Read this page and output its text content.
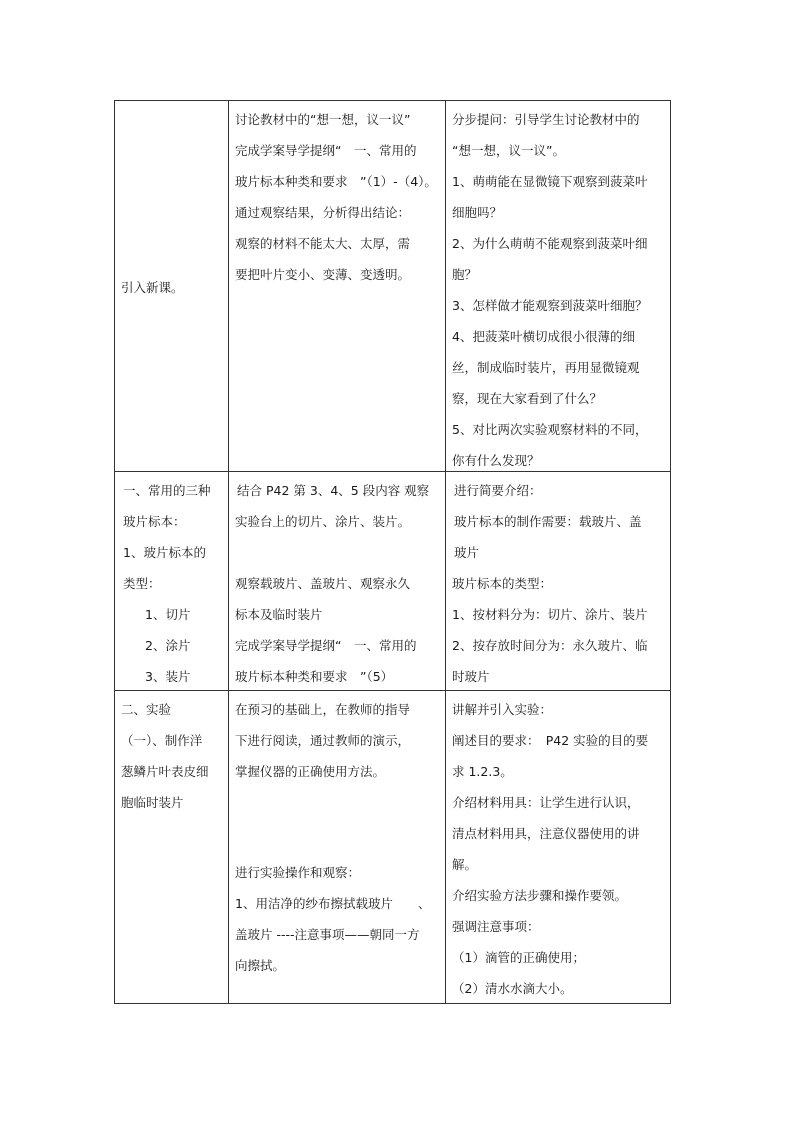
引入新课。
讨论教材中的“想一想，议一议”
完成学案导学提纲“　一、常用的
玻片标本种类和要求　”（1）-（4）。
通过观察结果，分析得出结论：
观察的材料不能太大、太厚，需
要把叶片变小、变薄、变透明。
分步提问：引导学生讨论教材中的
“想一想，议一议”。
1、萌萌能在显微镜下观察到菠菜叶
细胞吗？
2、为什么萌萌不能观察到菠菜叶细
胞？
3、怎样做才能观察到菠菜叶细胞？
4、把菠菜叶横切成很小很薄的细
丝，制成临时装片，再用显微镜观
察，现在大家看到了什么？
5、对比两次实验观察材料的不同，
你有什么发现？
一、常用的三种
玻片标本：
1、玻片标本的
类型：
1、切片
2、涂片
3、装片
结合 P42 第 3、4、5 段内容 观察
实验台上的切片、涂片、装片。

观察载玻片、盖玻片、观察永久
标本及临时装片
完成学案导学提纲“　一、常用的
玻片标本种类和要求　”（5）
进行简要介绍：
玻片标本的制作需要：载玻片、盖
玻片
玻片标本的类型：
1、按材料分为：切片、涂片、装片
2、按存放时间分为：永久玻片、临
时玻片
二、实验
（一）、制作洋
葱鳞片叶表皮细
胞临时装片
在预习的基础上，在教师的指导
下进行阅读，通过教师的演示，
掌握仪器的正确使用方法。
进行实验操作和观察：
1、用洁净的纱布擦拭载玻片　　、
盖玻片 ----注意事项——朝同一方
向擦拭。
讲解并引入实验：
阐述目的要求：　P42 实验的目的要
求 1.2.3。
介绍材料用具：让学生进行认识，
清点材料用具，注意仪器使用的讲
解。
介绍实验方法步骤和操作要领。
强调注意事项：
（1）滴管的正确使用；
（2）清水水滴大小。
